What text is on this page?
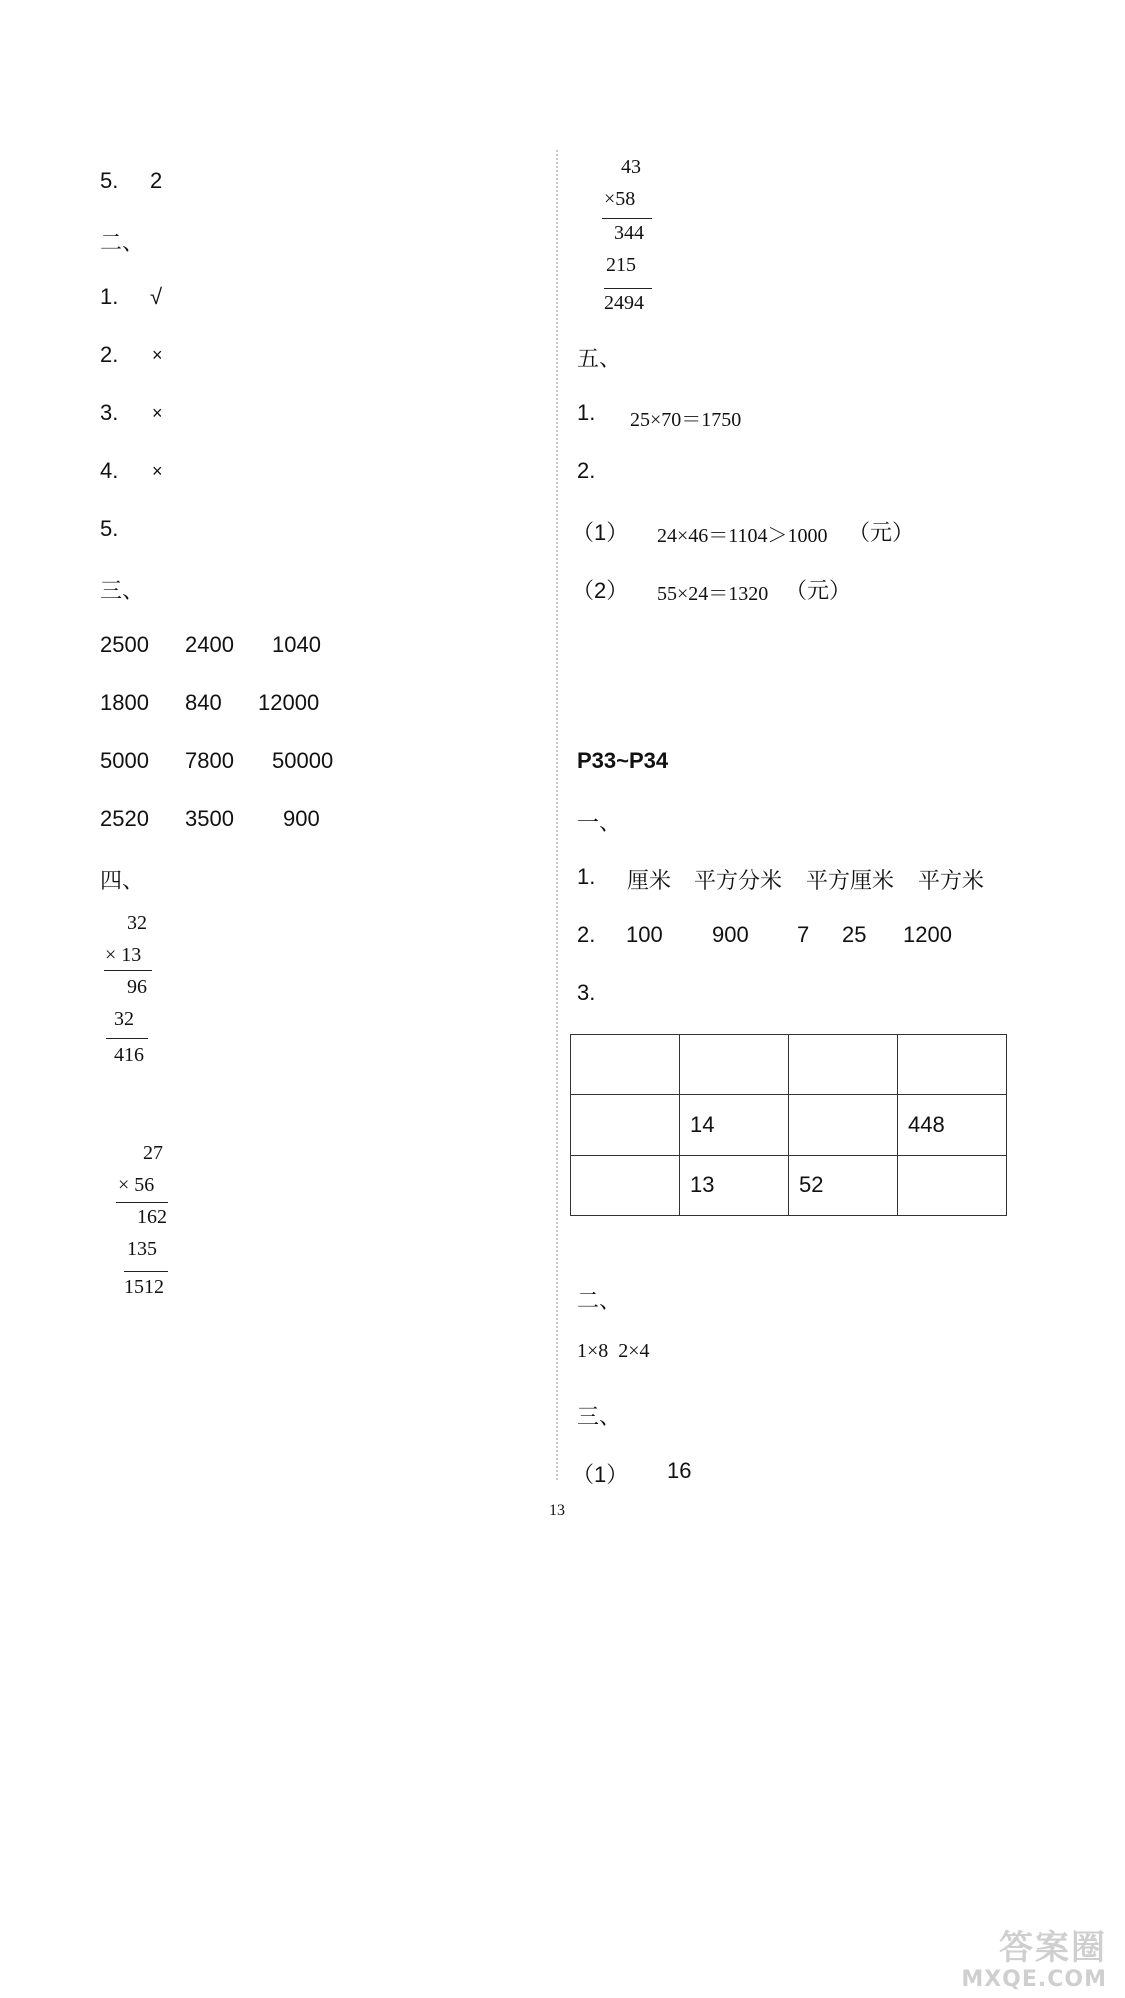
5. 2
二、
1. √
2. ×
3. ×
4. ×
5.
三、
2500 2400 1040
1800 840 12000
5000 7800 50000
2520 3500 900
四、
32
× 13
96
32
416
27
× 56
162
135
1512
43
×58
344
215
2494
五、
1. 25×70＝1750
2.
（1） 24×46＝1104＞1000 （元）
（2） 55×24＝1320 （元）
P33~P34
一、
1. 厘米 平方分米 平方厘米 平方米
2. 100 900 7 25 1200
3.

	14		448
	13	52	
二、
1×8  2×4
三、
（1） 16
13
答案圈
MXQE.COM
